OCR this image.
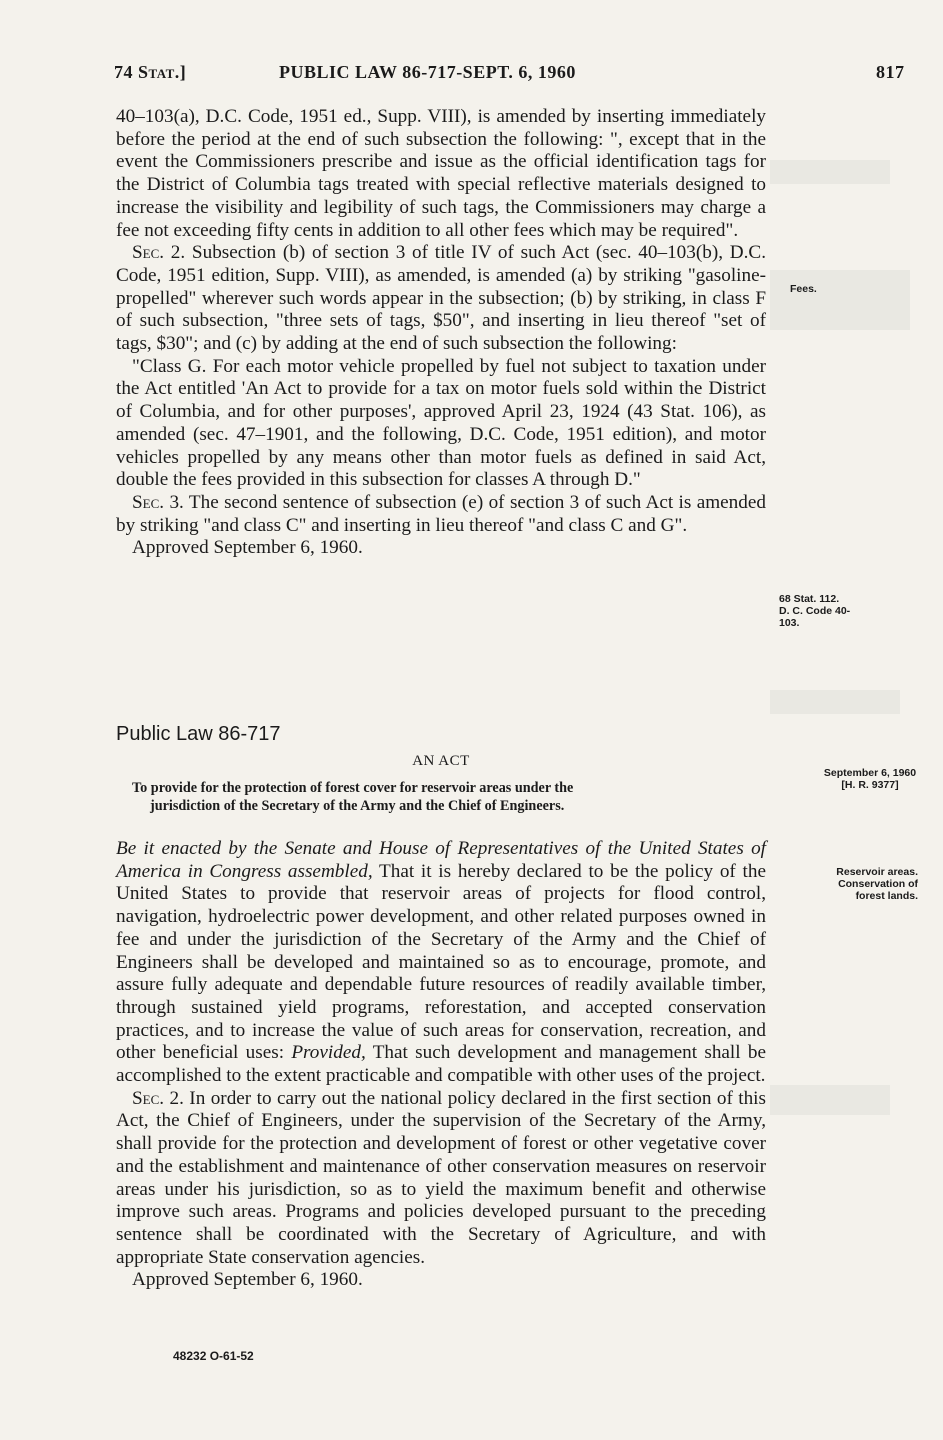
74 Stat.]	PUBLIC LAW 86-717-SEPT. 6, 1960	817

40–103(a), D.C. Code, 1951 ed., Supp. VIII), is amended by inserting immediately before the period at the end of such subsection the following: ", except that in the event the Commissioners prescribe and issue as the official identification tags for the District of Columbia tags treated with special reflective materials designed to increase the visibility and legibility of such tags, the Commissioners may charge a fee not exceeding fifty cents in addition to all other fees which may be required".

Sec. 2. Subsection (b) of section 3 of title IV of such Act (sec. 40–103(b), D.C. Code, 1951 edition, Supp. VIII), as amended, is amended (a) by striking "gasoline-propelled" wherever such words appear in the subsection; (b) by striking, in class F of such subsection, "three sets of tags, $50", and inserting in lieu thereof "set of tags, $30"; and (c) by adding at the end of such subsection the following:

"Class G. For each motor vehicle propelled by fuel not subject to taxation under the Act entitled 'An Act to provide for a tax on motor fuels sold within the District of Columbia, and for other purposes', approved April 23, 1924 (43 Stat. 106), as amended (sec. 47–1901, and the following, D.C. Code, 1951 edition), and motor vehicles propelled by any means other than motor fuels as defined in said Act, double the fees provided in this subsection for classes A through D."

Sec. 3. The second sentence of subsection (e) of section 3 of such Act is amended by striking "and class C" and inserting in lieu thereof "and class C and G".

Approved September 6, 1960.

Public Law 86-717
AN ACT
To provide for the protection of forest cover for reservoir areas under the
jurisdiction of the Secretary of the Army and the Chief of Engineers.

Be it enacted by the Senate and House of Representatives of the United States of America in Congress assembled, That it is hereby declared to be the policy of the United States to provide that reservoir areas of projects for flood control, navigation, hydroelectric power development, and other related purposes owned in fee and under the jurisdiction of the Secretary of the Army and the Chief of Engineers shall be developed and maintained so as to encourage, promote, and assure fully adequate and dependable future resources of readily available timber, through sustained yield programs, reforestation, and accepted conservation practices, and to increase the value of such areas for conservation, recreation, and other beneficial uses: Provided, That such development and management shall be accomplished to the extent practicable and compatible with other uses of the project.

Sec. 2. In order to carry out the national policy declared in the first section of this Act, the Chief of Engineers, under the supervision of the Secretary of the Army, shall provide for the protection and development of forest or other vegetative cover and the establishment and maintenance of other conservation measures on reservoir areas under his jurisdiction, so as to yield the maximum benefit and otherwise improve such areas. Programs and policies developed pursuant to the preceding sentence shall be coordinated with the Secretary of Agriculture, and with appropriate State conservation agencies.

Approved September 6, 1960.

Fees.
68 Stat. 112.
D. C. Code 40-
103.
September 6, 1960
[H. R. 9377]
Reservoir areas.
Conservation of
forest lands.
48232 O-61-52
